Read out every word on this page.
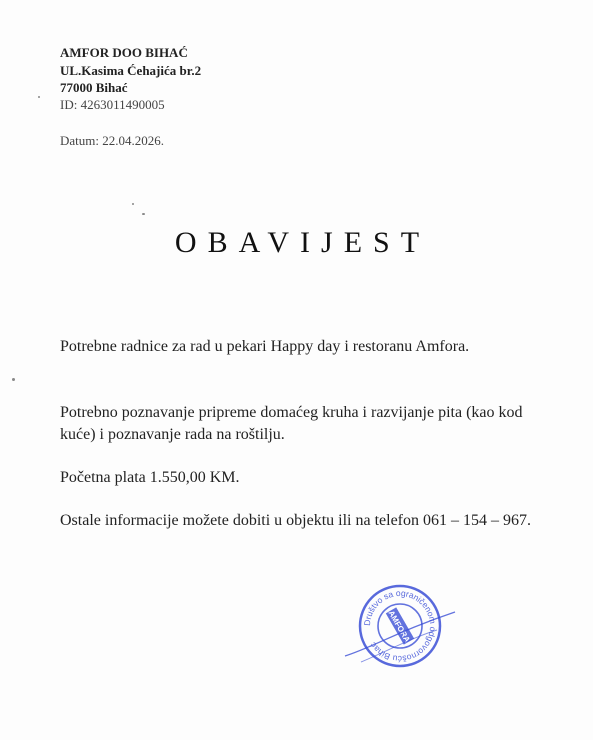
AMFOR DOO BIHAĆ
UL.Kasima Ćehajića br.2
77000 Bihać
ID: 4263011490005
Datum: 22.04.2026.
OBAVIJEST
Potrebne radnice za rad u pekari Happy day i restoranu Amfora.
Potrebno poznavanje pripreme domaćeg kruha i razvijanje pita (kao kod kuće) i poznavanje rada na roštilju.
Početna plata 1.550,00 KM.
Ostale informacije možete dobiti u objektu ili na telefon 061 – 154 – 967.
Društvo sa ograničenom odgovornošću Bihać
AMFORA
